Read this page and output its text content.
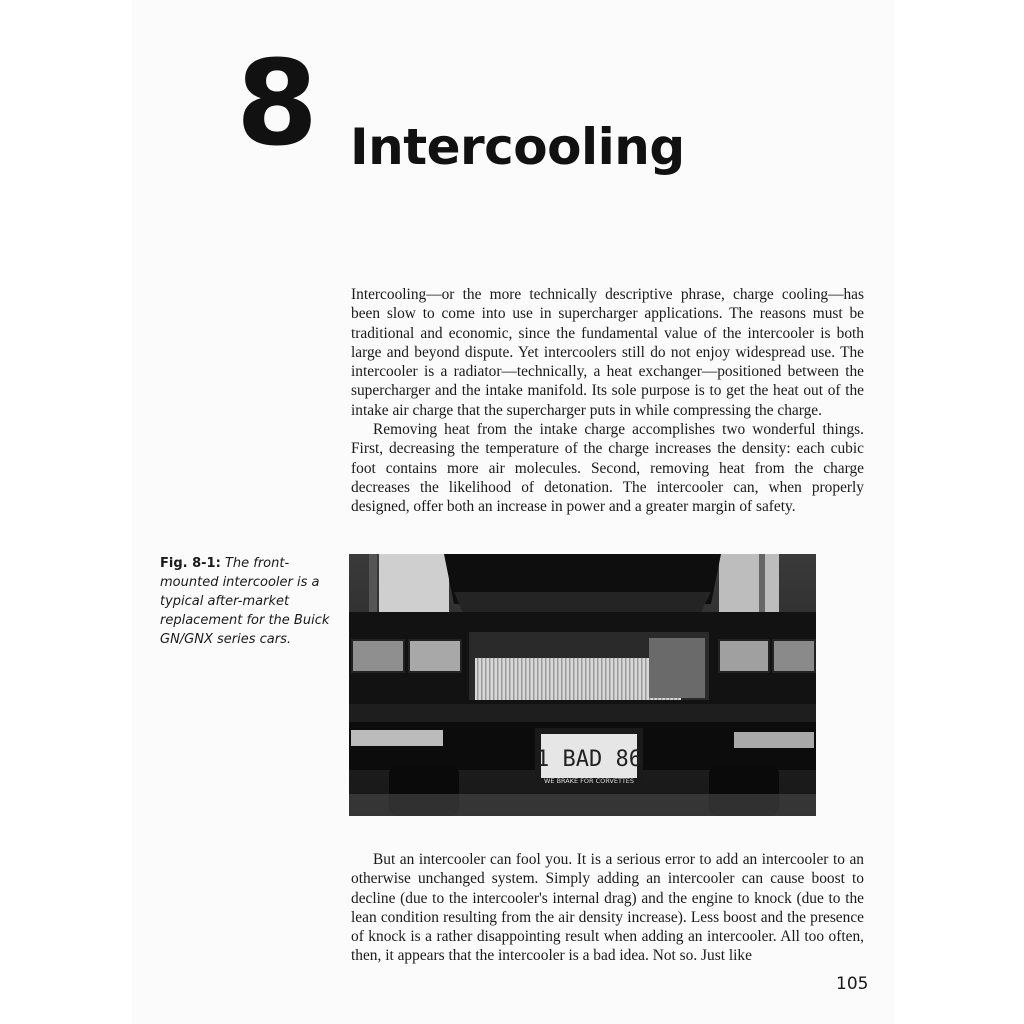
8 Intercooling

Intercooling—or the more technically descriptive phrase, charge cooling—has been slow to come into use in supercharger applications. The reasons must be traditional and economic, since the fundamental value of the intercooler is both large and beyond dispute. Yet intercoolers still do not enjoy widespread use. The intercooler is a radiator—technically, a heat exchanger—positioned between the supercharger and the intake manifold. Its sole purpose is to get the heat out of the intake air charge that the supercharger puts in while compressing the charge.

Removing heat from the intake charge accomplishes two wonderful things. First, decreasing the temperature of the charge increases the density: each cubic foot contains more air molecules. Second, removing heat from the charge decreases the likelihood of detonation. The intercooler can, when properly designed, offer both an increase in power and a greater margin of safety.

Fig. 8-1: The front-mounted intercooler is a typical after-market replacement for the Buick GN/GNX series cars.
1 BAD 86
WE BRAKE FOR CORVETTES

But an intercooler can fool you. It is a serious error to add an intercooler to an otherwise unchanged system. Simply adding an intercooler can cause boost to decline (due to the intercooler's internal drag) and the engine to knock (due to the lean condition resulting from the air density increase). Less boost and the presence of knock is a rather disappointing result when adding an intercooler. All too often, then, it appears that the intercooler is a bad idea. Not so. Just like

105
